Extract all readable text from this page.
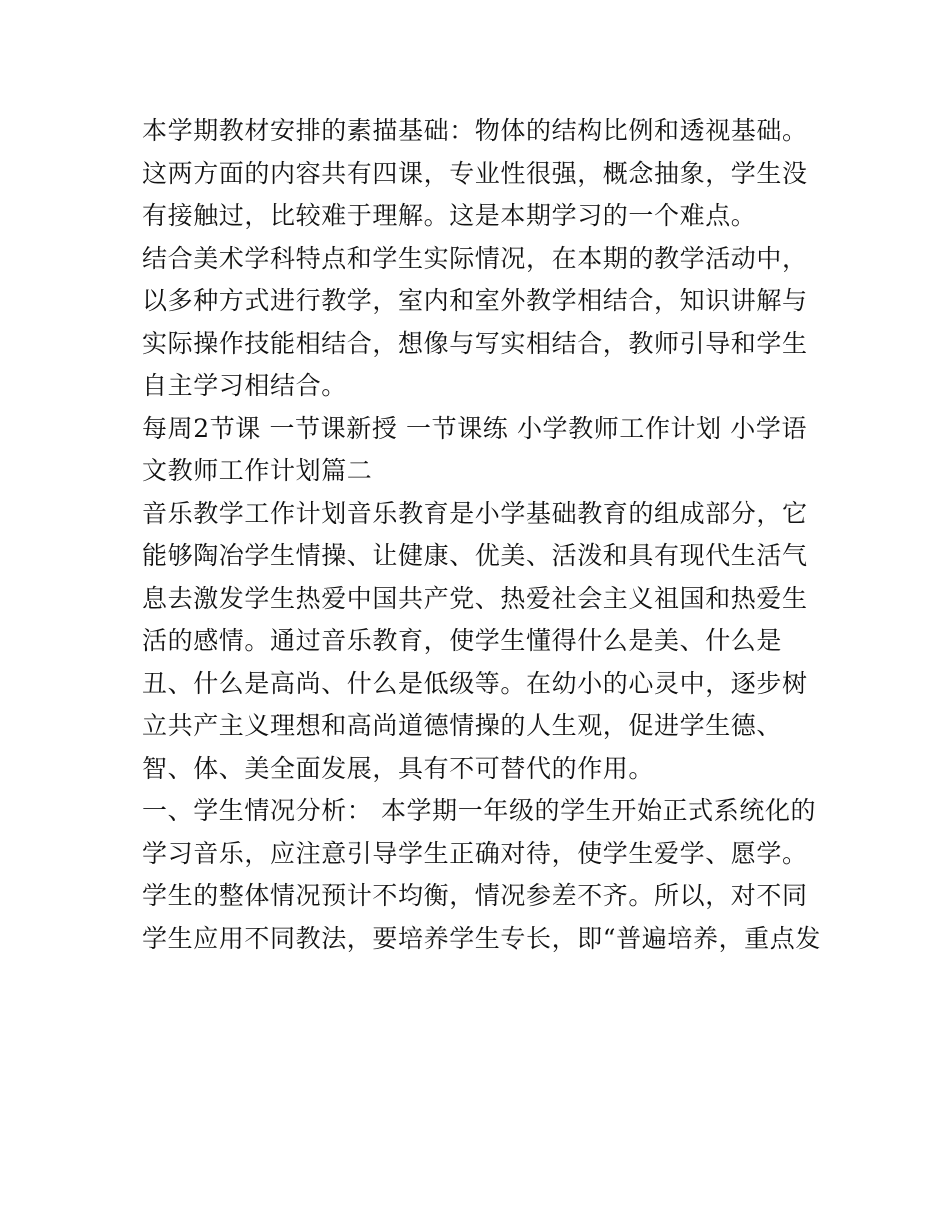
本学期教材安排的素描基础：物体的结构比例和透视基础。这两方面的内容共有四课，专业性很强，概念抽象，学生没有接触过，比较难于理解。这是本期学习的一个难点。

结合美术学科特点和学生实际情况，在本期的教学活动中，以多种方式进行教学，室内和室外教学相结合，知识讲解与实际操作技能相结合，想像与写实相结合，教师引导和学生自主学习相结合。

每周2节课 一节课新授 一节课练 小学教师工作计划 小学语文教师工作计划篇二

音乐教学工作计划音乐教育是小学基础教育的组成部分，它能够陶冶学生情操、让健康、优美、活泼和具有现代生活气息去激发学生热爱中国共产党、热爱社会主义祖国和热爱生活的感情。通过音乐教育，使学生懂得什么是美、什么是丑、什么是高尚、什么是低级等。在幼小的心灵中，逐步树立共产主义理想和高尚道德情操的人生观，促进学生德、智、体、美全面发展，具有不可替代的作用。

一、学生情况分析： 本学期一年级的学生开始正式系统化的学习音乐，应注意引导学生正确对待，使学生爱学、愿学。

学生的整体情况预计不均衡，情况参差不齐。所以，对不同学生应用不同教法，要培养学生专长，即“普遍培养，重点发
